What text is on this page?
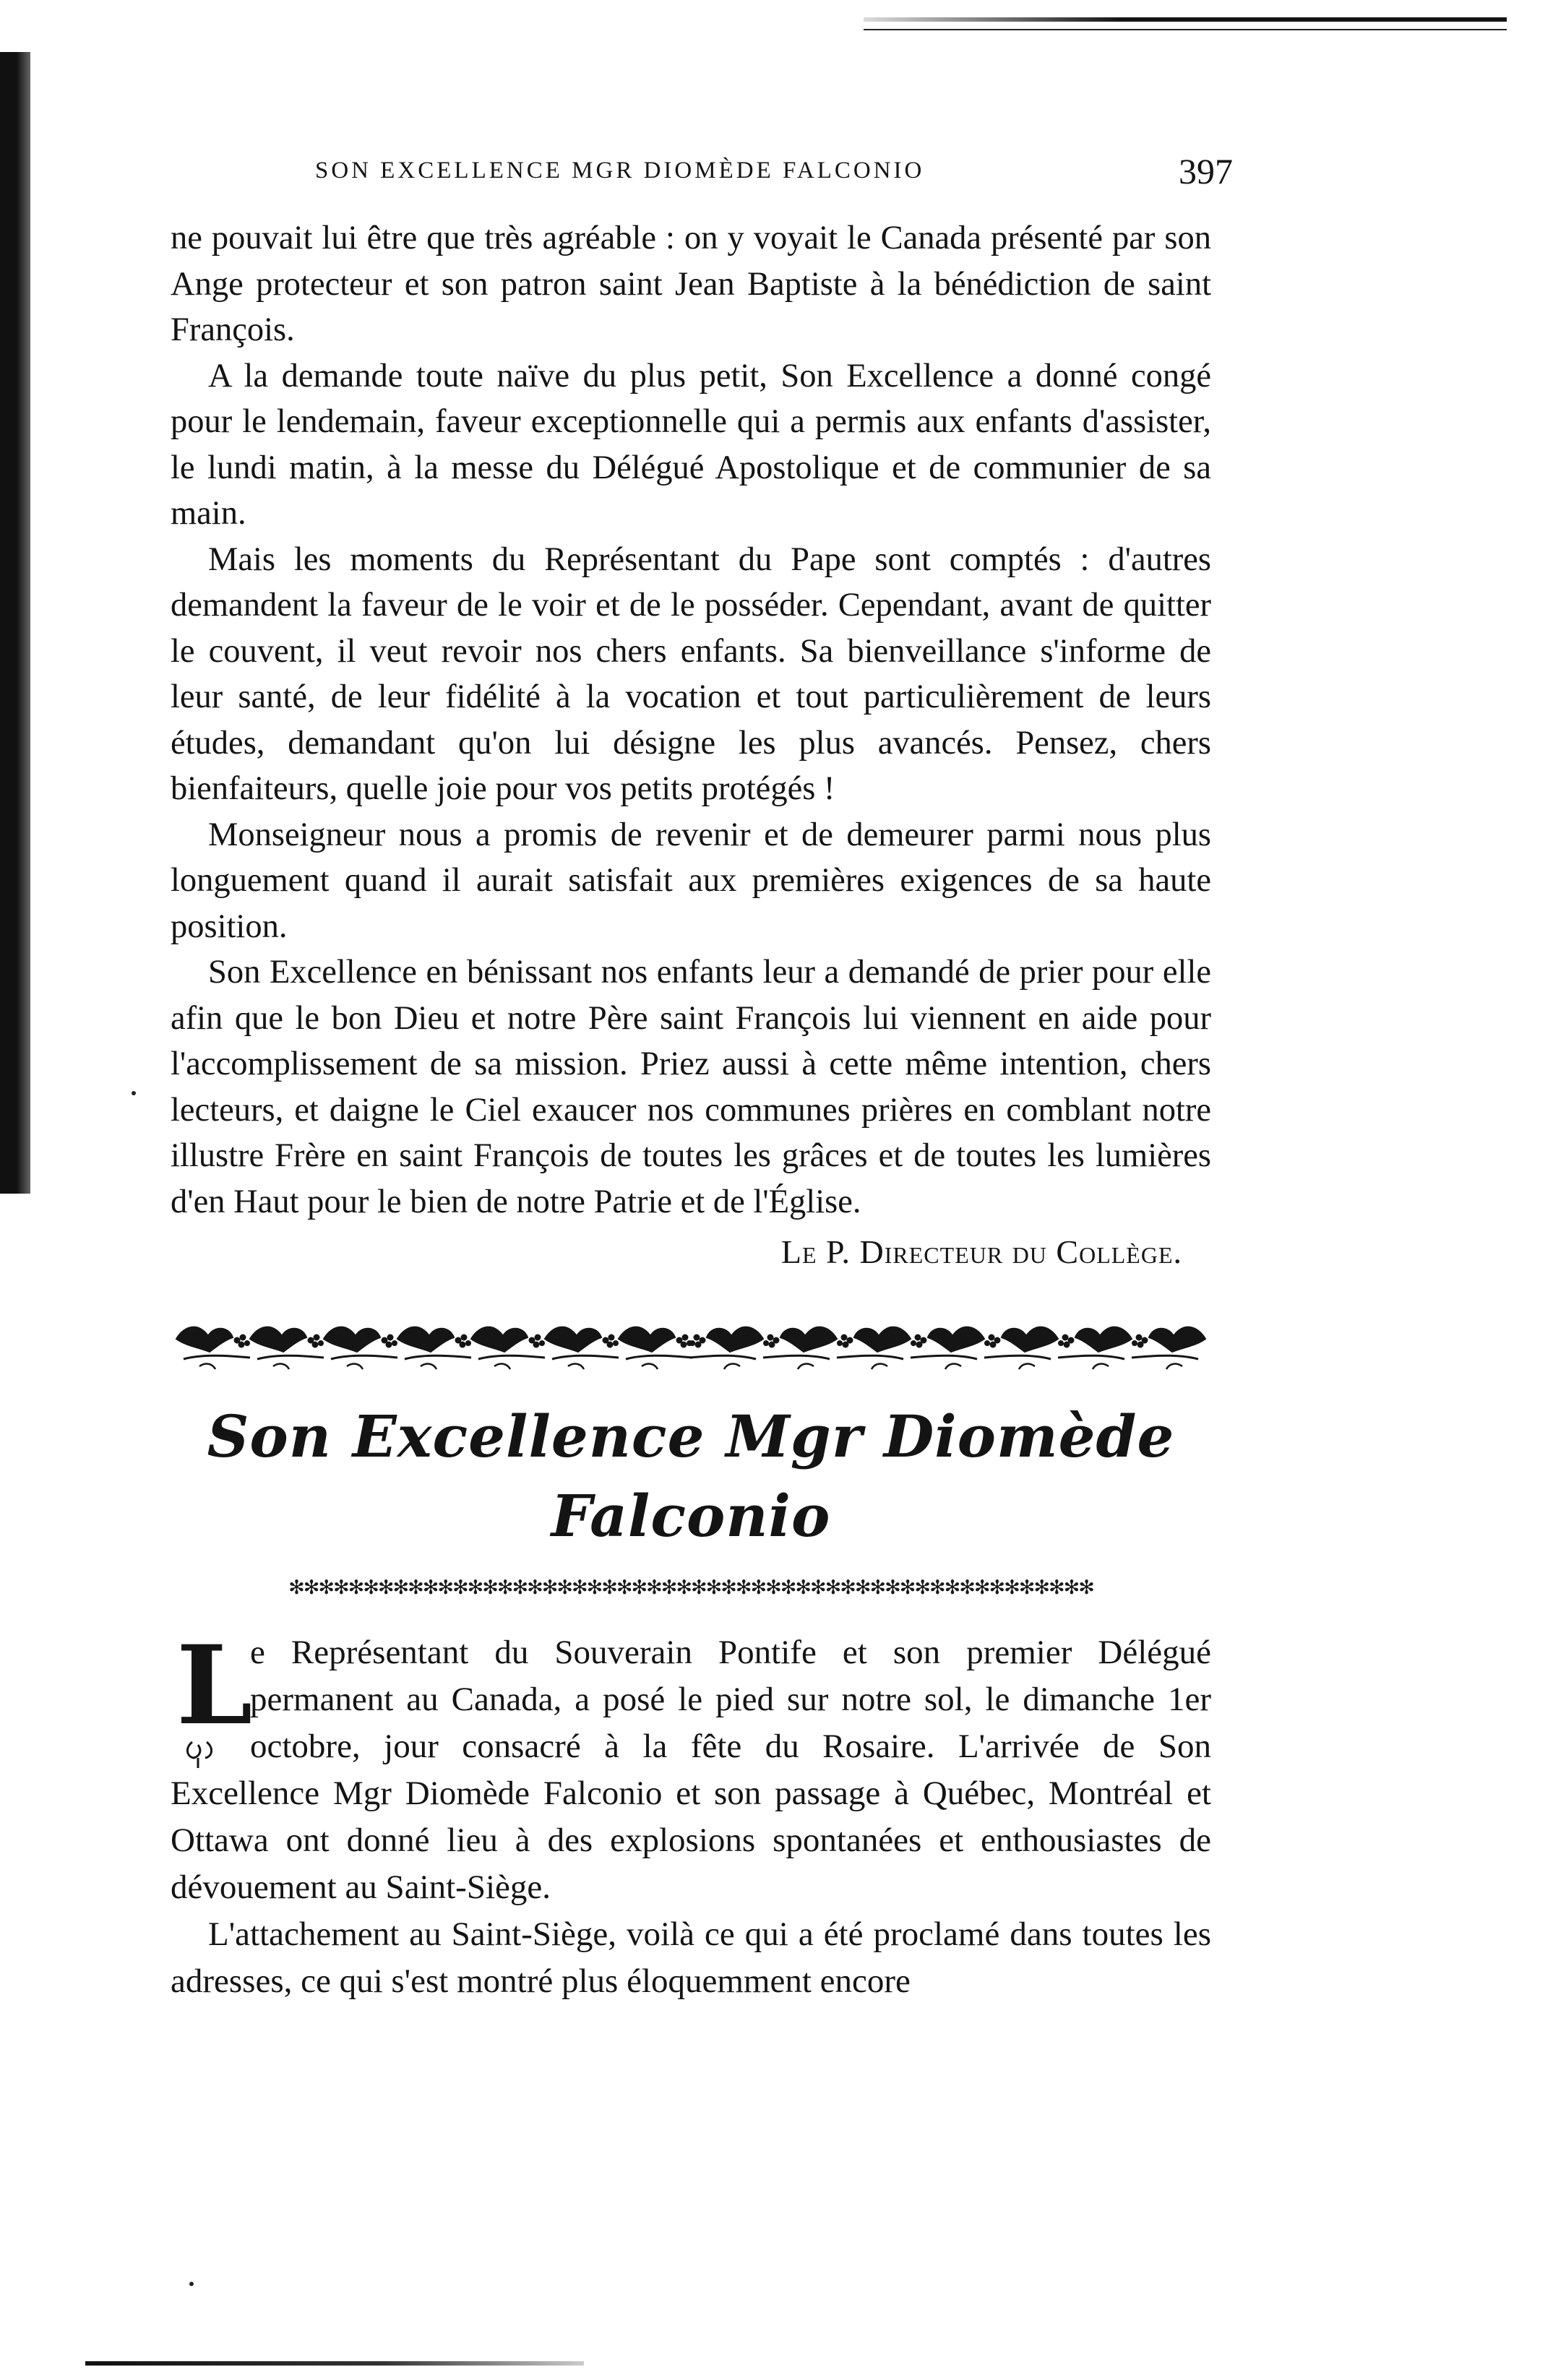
SON EXCELLENCE MGR DIOMÈDE FALCONIO	397

ne pouvait lui être que très agréable : on y voyait le Canada présenté par son Ange protecteur et son patron saint Jean Baptiste à la bénédiction de saint François.

A la demande toute naïve du plus petit, Son Excellence a donné congé pour le lendemain, faveur exceptionnelle qui a permis aux enfants d'assister, le lundi matin, à la messe du Délégué Apostolique et de communier de sa main.

Mais les moments du Représentant du Pape sont comptés : d'autres demandent la faveur de le voir et de le posséder. Cependant, avant de quitter le couvent, il veut revoir nos chers enfants. Sa bienveillance s'informe de leur santé, de leur fidélité à la vocation et tout particulièrement de leurs études, demandant qu'on lui désigne les plus avancés. Pensez, chers bienfaiteurs, quelle joie pour vos petits protégés !

Monseigneur nous a promis de revenir et de demeurer parmi nous plus longuement quand il aurait satisfait aux premières exigences de sa haute position.

Son Excellence en bénissant nos enfants leur a demandé de prier pour elle afin que le bon Dieu et notre Père saint François lui viennent en aide pour l'accomplissement de sa mission. Priez aussi à cette même intention, chers lecteurs, et daigne le Ciel exaucer nos communes prières en comblant notre illustre Frère en saint François de toutes les grâces et de toutes les lumières d'en Haut pour le bien de notre Patrie et de l'Église.

Le P. Directeur du Collège.

Son Excellence Mgr Diomède Falconio
✻✻✻✻✻✻✻✻✻✻✻✻✻✻✻✻✻✻✻✻✻✻✻✻✻✻✻✻✻✻✻✻✻✻✻✻✻✻✻✻✻✻✻✻✻✻✻✻✻✻✻✻✻✻
L

e Représentant du Souverain Pontife et son premier Délégué permanent au Canada, a posé le pied sur notre sol, le dimanche 1er octobre, jour consacré à la fête du Rosaire. L'arrivée de Son Excellence Mgr Diomède Falconio et son passage à Québec, Montréal et Ottawa ont donné lieu à des explosions spontanées et enthousiastes de dévouement au Saint-Siège.

L'attachement au Saint-Siège, voilà ce qui a été proclamé dans toutes les adresses, ce qui s'est montré plus éloquemment encore
